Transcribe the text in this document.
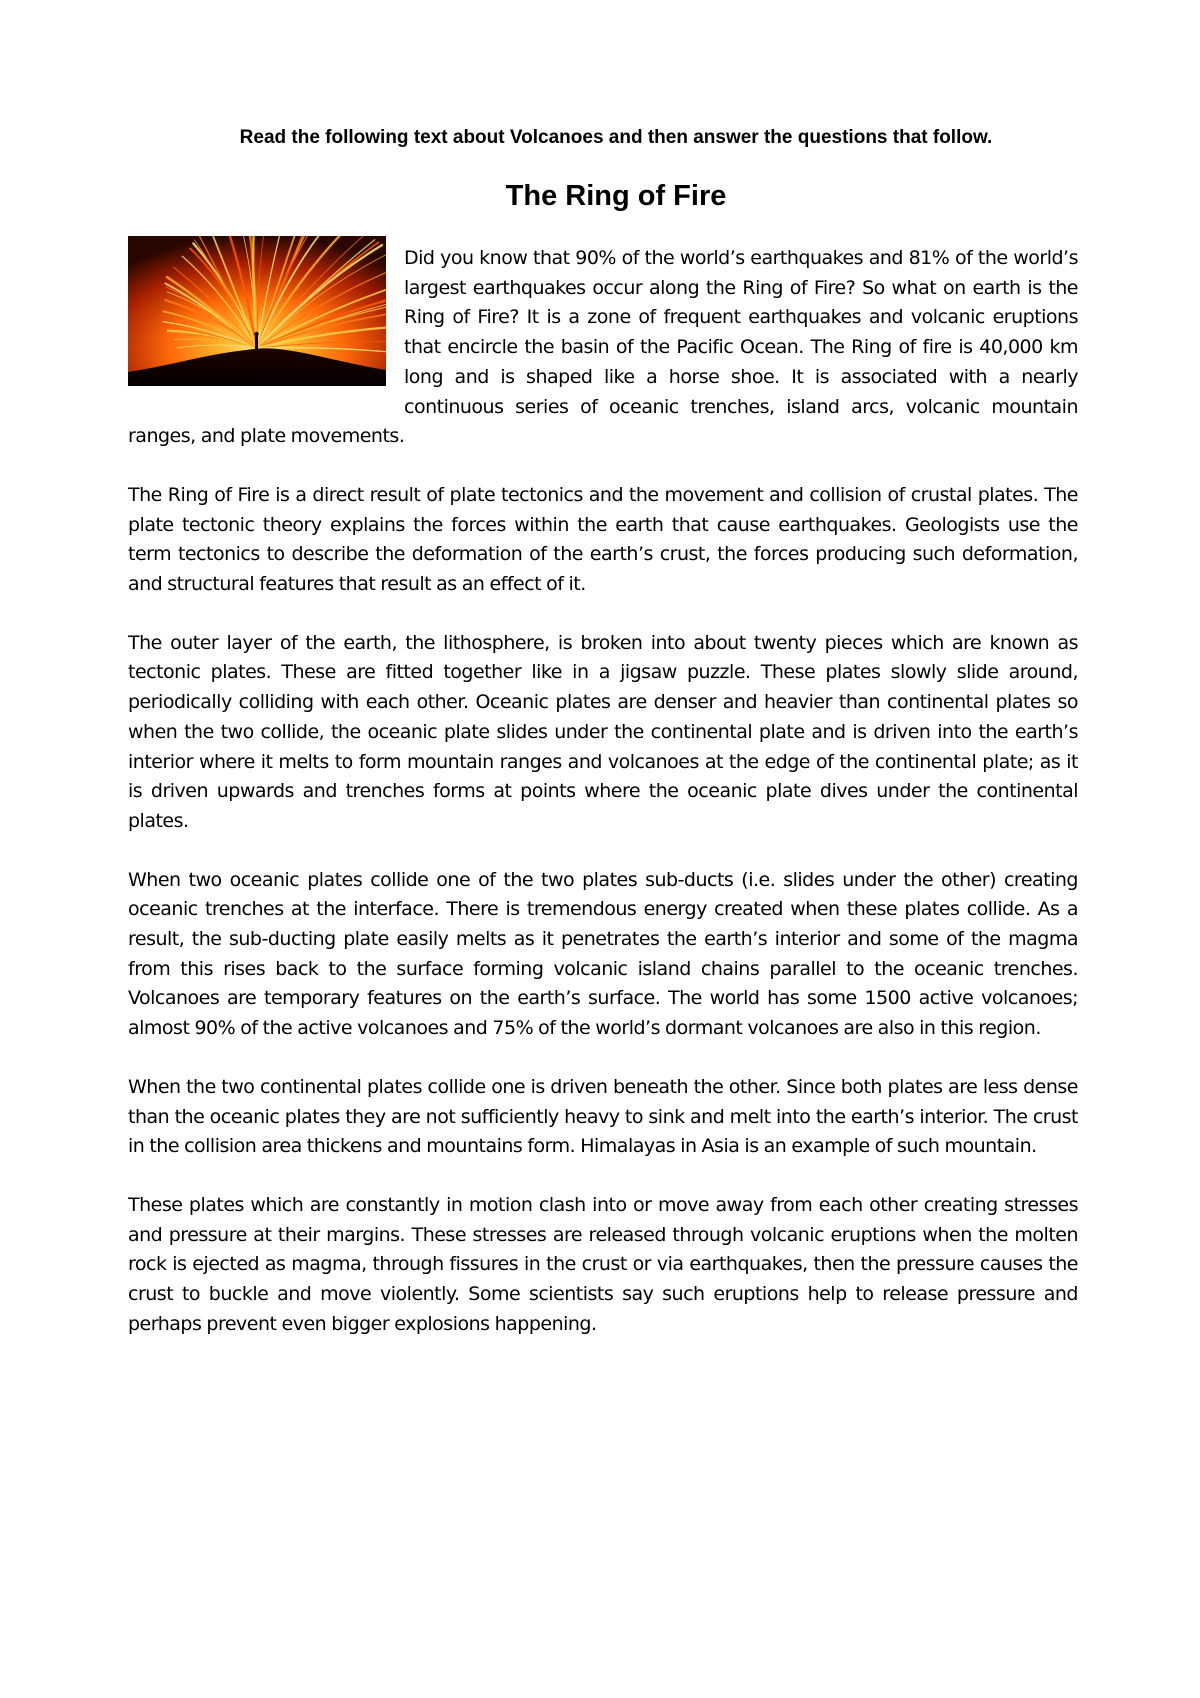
Read the following text about Volcanoes and then answer the questions that follow.
The Ring of Fire

Did you know that 90% of the world’s earthquakes and 81% of the world’s largest earthquakes occur along the Ring of Fire? So what on earth is the Ring of Fire? It is a zone of frequent earthquakes and volcanic eruptions that encircle the basin of the Pacific Ocean. The Ring of fire is 40,000 km long and is shaped like a horse shoe. It is associated with a nearly continuous series of oceanic trenches, island arcs, volcanic mountain ranges, and plate movements.

The Ring of Fire is a direct result of plate tectonics and the movement and collision of crustal plates. The plate tectonic theory explains the forces within the earth that cause earthquakes. Geologists use the term tectonics to describe the deformation of the earth’s crust, the forces producing such deformation, and structural features that result as an effect of it.

The outer layer of the earth, the lithosphere, is broken into about twenty pieces which are known as tectonic plates. These are fitted together like in a jigsaw puzzle. These plates slowly slide around, periodically colliding with each other. Oceanic plates are denser and heavier than continental plates so when the two collide, the oceanic plate slides under the continental plate and is driven into the earth’s interior where it melts to form mountain ranges and volcanoes at the edge of the continental plate; as it is driven upwards and trenches forms at points where the oceanic plate dives under the continental plates.

When two oceanic plates collide one of the two plates sub-ducts (i.e. slides under the other) creating oceanic trenches at the interface. There is tremendous energy created when these plates collide. As a result, the sub-ducting plate easily melts as it penetrates the earth’s interior and some of the magma from this rises back to the surface forming volcanic island chains parallel to the oceanic trenches. Volcanoes are temporary features on the earth’s surface. The world has some 1500 active volcanoes; almost 90% of the active volcanoes and 75% of the world’s dormant volcanoes are also in this region.

When the two continental plates collide one is driven beneath the other. Since both plates are less dense than the oceanic plates they are not sufficiently heavy to sink and melt into the earth’s interior. The crust in the collision area thickens and mountains form. Himalayas in Asia is an example of such mountain.

These plates which are constantly in motion clash into or move away from each other creating stresses and pressure at their margins. These stresses are released through volcanic eruptions when the molten rock is ejected as magma, through fissures in the crust or via earthquakes, then the pressure causes the crust to buckle and move violently. Some scientists say such eruptions help to release pressure and perhaps prevent even bigger explosions happening.
